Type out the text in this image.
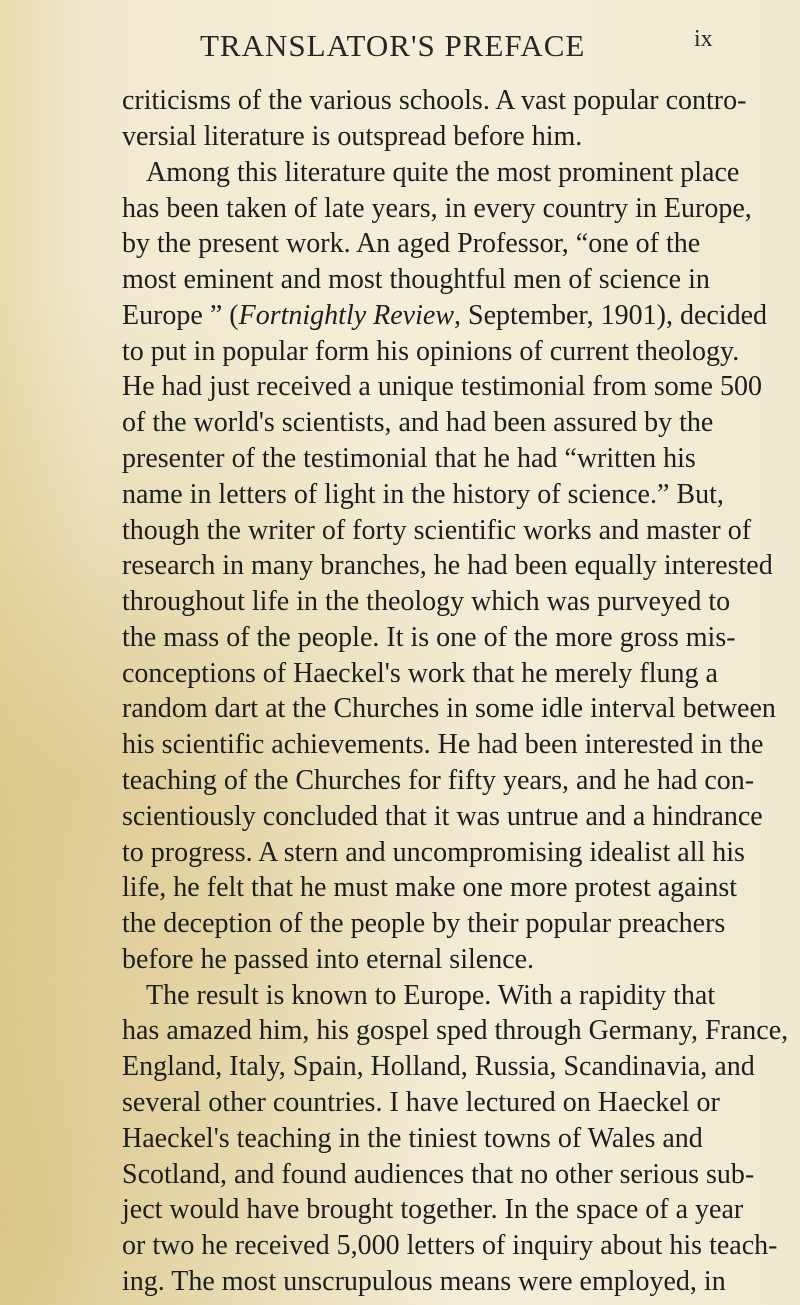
TRANSLATOR'S PREFACE	ix
criticisms of the various schools. A vast popular contro-
versial literature is outspread before him.
Among this literature quite the most prominent place
has been taken of late years, in every country in Europe,
by the present work. An aged Professor, “one of the
most eminent and most thoughtful men of science in
Europe ” (Fortnightly Review, September, 1901), decided
to put in popular form his opinions of current theology.
He had just received a unique testimonial from some 500
of the world's scientists, and had been assured by the
presenter of the testimonial that he had “written his
name in letters of light in the history of science.” But,
though the writer of forty scientific works and master of
research in many branches, he had been equally interested
throughout life in the theology which was purveyed to
the mass of the people. It is one of the more gross mis-
conceptions of Haeckel's work that he merely flung a
random dart at the Churches in some idle interval between
his scientific achievements. He had been interested in the
teaching of the Churches for fifty years, and he had con-
scientiously concluded that it was untrue and a hindrance
to progress. A stern and uncompromising idealist all his
life, he felt that he must make one more protest against
the deception of the people by their popular preachers
before he passed into eternal silence.
The result is known to Europe. With a rapidity that
has amazed him, his gospel sped through Germany, France,
England, Italy, Spain, Holland, Russia, Scandinavia, and
several other countries. I have lectured on Haeckel or
Haeckel's teaching in the tiniest towns of Wales and
Scotland, and found audiences that no other serious sub-
ject would have brought together. In the space of a year
or two he received 5,000 letters of inquiry about his teach-
ing. The most unscrupulous means were employed, in
